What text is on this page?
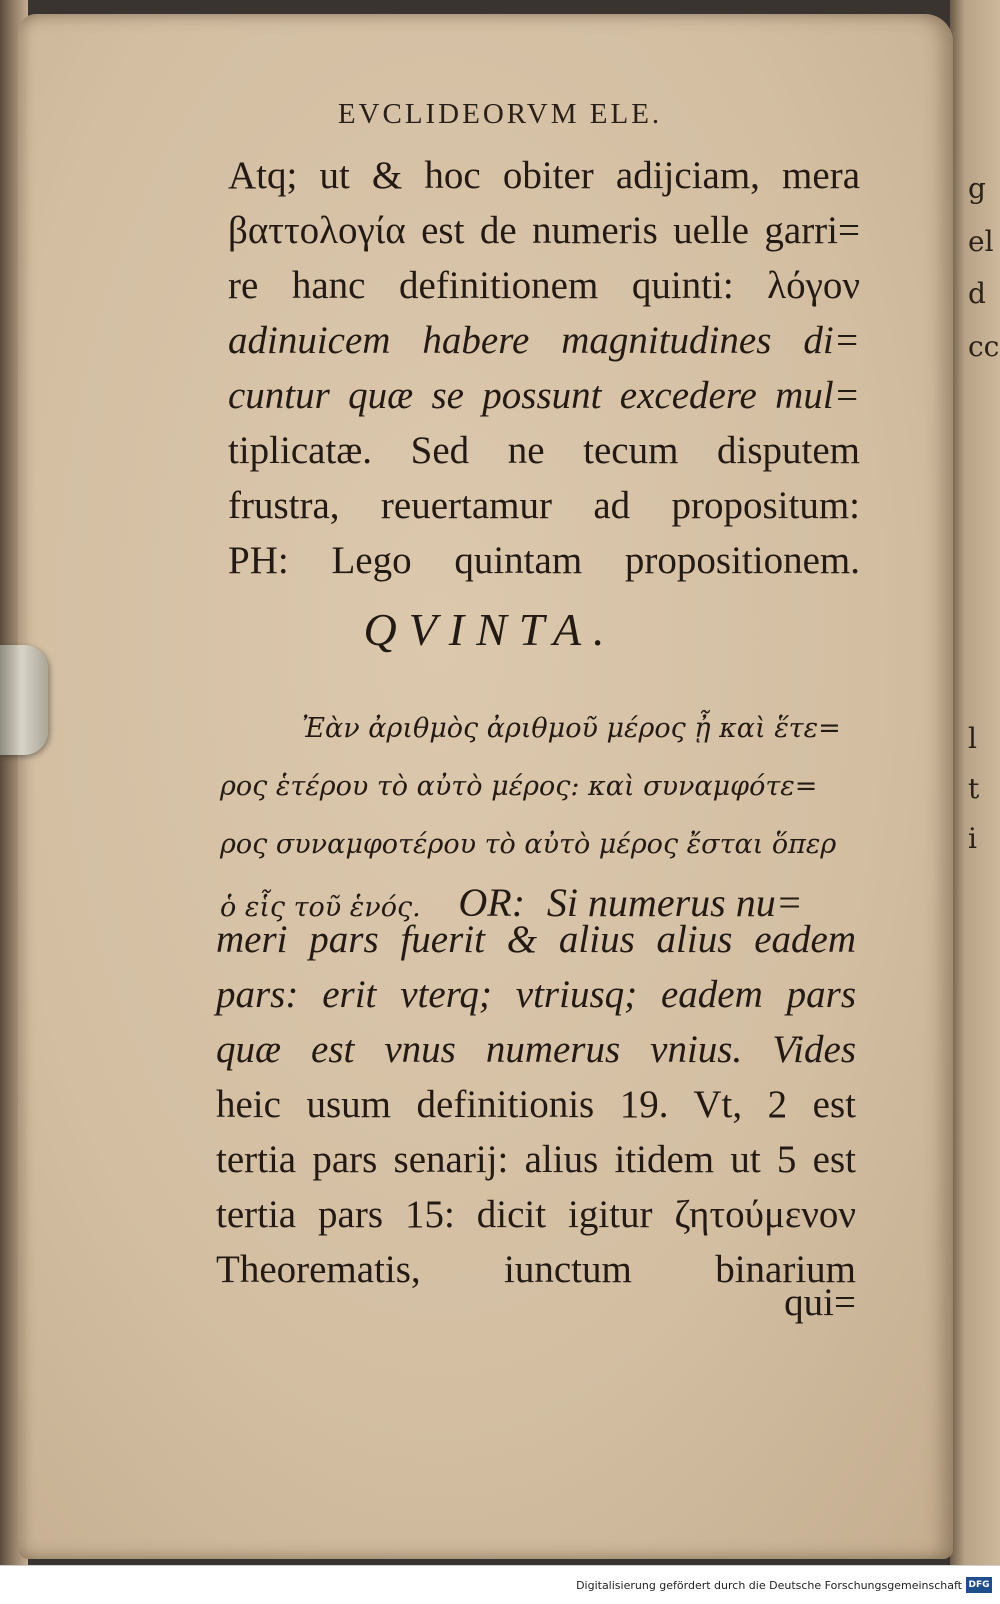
g
el
d
cc
l
t
i
EVCLIDEORVM ELE.
Atq; ut & hoc obiter adijciam, mera
βαττολογία est de numeris uelle garri=
re hanc definitionem quinti: λόγον
adinuicem habere magnitudines di=
cuntur quæ se possunt excedere mul=
tiplicatæ. Sed ne tecum disputem
frustra, reuertamur ad propositum:
PH: Lego quintam propositionem.
QVINTA.
Ἐὰν ἀριθμὸς ἀριθμοῦ μέρος ᾖ καὶ ἕτε=
ρος ἑτέρου τὸ αὐτὸ μέρος: καὶ συναμφότε=
ρος συναμφοτέρου τὸ αὐτὸ μέρος ἔσται ὅπερ
ὁ εἷς τοῦ ἑνός. OR: Si numerus nu=
meri pars fuerit & alius alius eadem
pars: erit vterq; vtriusq; eadem pars
quæ est vnus numerus vnius. Vides
heic usum definitionis 19. Vt, 2 est
tertia pars senarij: alius itidem ut 5 est
tertia pars 15: dicit igitur ζητούμενον
Theorematis, iunctum binarium
qui=
Digitalisierung gefördert durch die Deutsche Forschungsgemeinschaft DFG
